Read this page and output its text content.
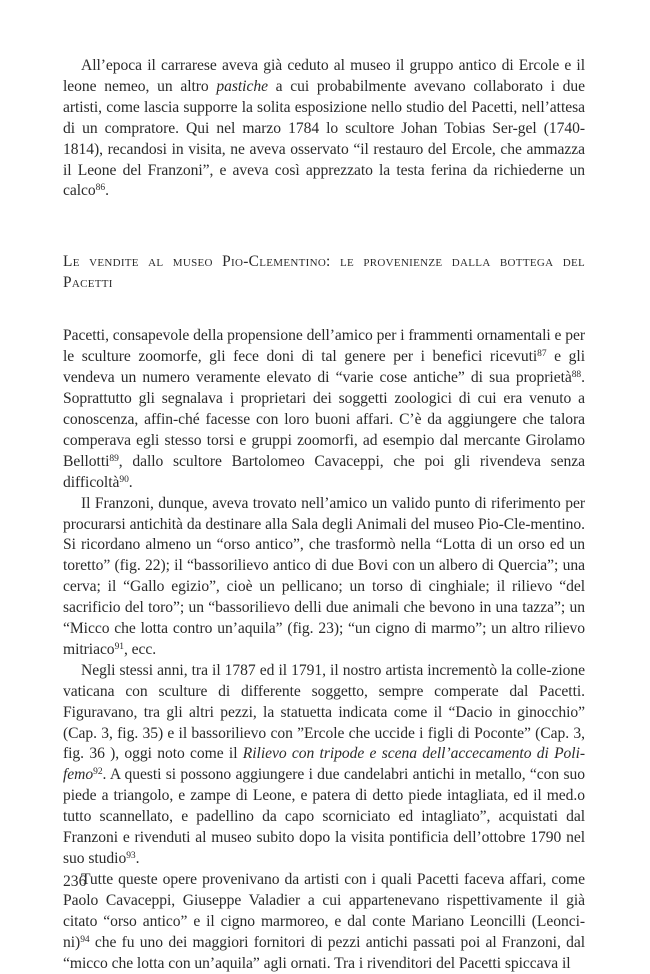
All’epoca il carrarese aveva già ceduto al museo il gruppo antico di Ercole e il leone nemeo, un altro pastiche a cui probabilmente avevano collaborato i due artisti, come lascia supporre la solita esposizione nello studio del Pacetti, nell’attesa di un compratore. Qui nel marzo 1784 lo scultore Johan Tobias Ser-gel (1740-1814), recandosi in visita, ne aveva osservato “il restauro del Ercole, che ammazza il Leone del Franzoni”, e aveva così apprezzato la testa ferina da richiederne un calco$^{86}$.

Le vendite al museo Pio-Clementino: le provenienze dalla bottega del Pacetti

Pacetti, consapevole della propensione dell’amico per i frammenti ornamentali e per le sculture zoomorfe, gli fece doni di tal genere per i benefici ricevuti$^{87}$ e gli vendeva un numero veramente elevato di “varie cose antiche” di sua proprietà$^{88}$. Soprattutto gli segnalava i proprietari dei soggetti zoologici di cui era venuto a conoscenza, affin-ché facesse con loro buoni affari. C’è da aggiungere che talora comperava egli stesso torsi e gruppi zoomorfi, ad esempio dal mercante Girolamo Bellotti$^{89}$, dallo scultore Bartolomeo Cavaceppi, che poi gli rivendeva senza difficoltà$^{90}$.

Il Franzoni, dunque, aveva trovato nell’amico un valido punto di riferimento per procurarsi antichità da destinare alla Sala degli Animali del museo Pio-Cle-mentino. Si ricordano almeno un “orso antico”, che trasformò nella “Lotta di un orso ed un toretto” (fig. 22); il “bassorilievo antico di due Bovi con un albero di Quercia”; una cerva; il “Gallo egizio”, cioè un pellicano; un torso di cinghiale; il rilievo “del sacrificio del toro”; un “bassorilievo delli due animali che bevono in una tazza”; un “Micco che lotta contro un’aquila” (fig. 23); “un cigno di marmo”; un altro rilievo mitriaco$^{91}$, ecc.

Negli stessi anni, tra il 1787 ed il 1791, il nostro artista incrementò la colle-zione vaticana con sculture di differente soggetto, sempre comperate dal Pacetti. Figuravano, tra gli altri pezzi, la statuetta indicata come il “Dacio in ginocchio” (Cap. 3, fig. 35) e il bassorilievo con ”Ercole che uccide i figli di Poconte” (Cap. 3, fig. 36 ), oggi noto come il Rilievo con tripode e scena dell’accecamento di Poli-femo$^{92}$. A questi si possono aggiungere i due candelabri antichi in metallo, “con suo piede a triangolo, e zampe di Leone, e patera di detto piede intagliata, ed il med.o tutto scannellato, e padellino da capo scorniciato ed intagliato”, acquistati dal Franzoni e rivenduti al museo subito dopo la visita pontificia dell’ottobre 1790 nel suo studio$^{93}$.

Tutte queste opere provenivano da artisti con i quali Pacetti faceva affari, come Paolo Cavaceppi, Giuseppe Valadier a cui appartenevano rispettivamente il già citato “orso antico” e il cigno marmoreo, e dal conte Mariano Leoncilli (Leonci-ni)$^{94}$ che fu uno dei maggiori fornitori di pezzi antichi passati poi al Franzoni, dal “micco che lotta con un’aquila” agli ornati. Tra i rivenditori del Pacetti spiccava il

236
